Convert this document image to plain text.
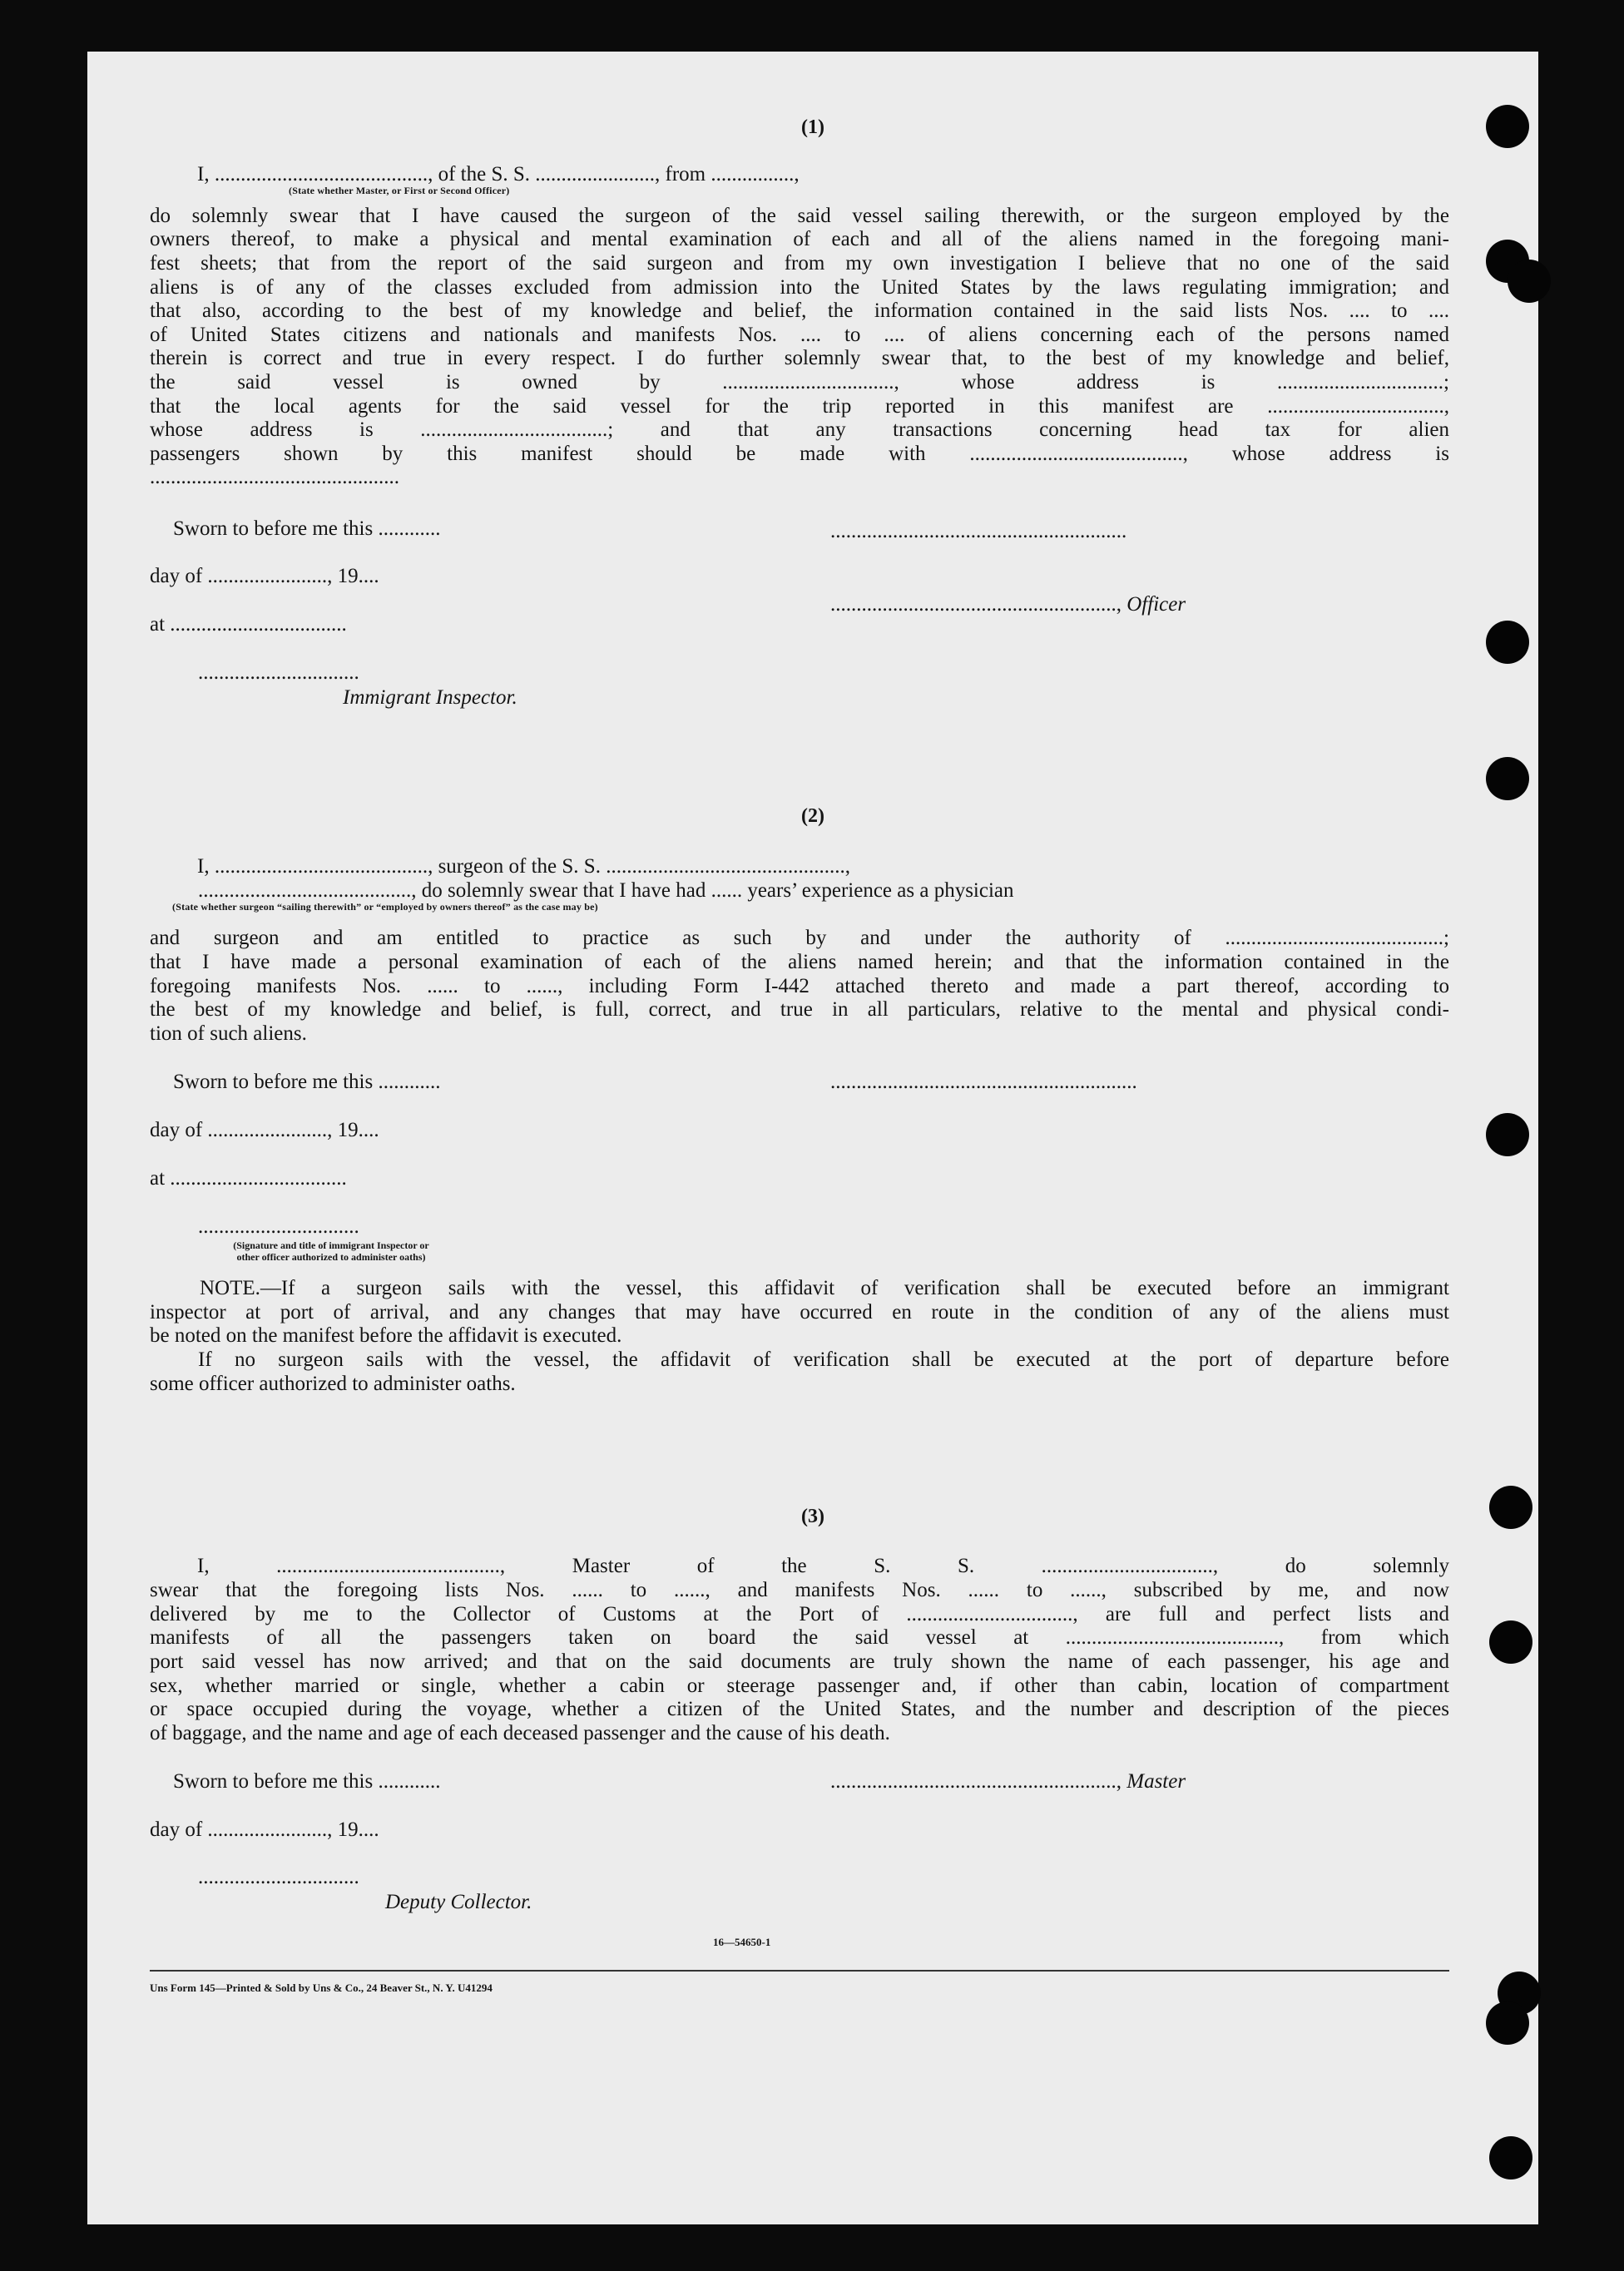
(1)
I, ........................................., of the S. S. ......................., from ................,
(State whether Master, or First or Second Officer)
do solemnly swear that I have caused the surgeon of the said vessel sailing therewith, or the surgeon employed by the
owners thereof, to make a physical and mental examination of each and all of the aliens named in the foregoing mani-
fest sheets; that from the report of the said surgeon and from my own investigation I believe that no one of the said
aliens is of any of the classes excluded from admission into the United States by the laws regulating immigration; and
that also, according to the best of my knowledge and belief, the information contained in the said lists Nos. .... to ....
of United States citizens and nationals and manifests Nos. .... to .... of aliens concerning each of the persons named
therein is correct and true in every respect. I do further solemnly swear that, to the best of my knowledge and belief,
the said vessel is owned by ................................., whose address is ................................;
that the local agents for the said vessel for the trip reported in this manifest are ..................................,
whose address is ....................................; and that any transactions concerning head tax for alien
passengers shown by this manifest should be made with ........................................., whose address is
................................................
Sworn to before me this ............
day of ......................., 19....
at ..................................
...............................
Immigrant Inspector.
.........................................................
......................................................., Officer
(2)
I, ........................................., surgeon of the S. S. ..............................................,
........................................., do solemnly swear that I have had ...... years’ experience as a physician
(State whether surgeon “sailing therewith” or “employed by owners thereof” as the case may be)
and surgeon and am entitled to practice as such by and under the authority of ..........................................;
that I have made a personal examination of each of the aliens named herein; and that the information contained in the
foregoing manifests Nos. ...... to ......, including Form I-442 attached thereto and made a part thereof, according to
the best of my knowledge and belief, is full, correct, and true in all particulars, relative to the mental and physical condi-
tion of such aliens.
Sworn to before me this ............	...........................................................
day of ......................., 19....
at ..................................
...............................
(Signature and title of immigrant Inspector or
other officer authorized to administer oaths)
NOTE.—If a surgeon sails with the vessel, this affidavit of verification shall be executed before an immigrant
inspector at port of arrival, and any changes that may have occurred en route in the condition of any of the aliens must
be noted on the manifest before the affidavit is executed.
If no surgeon sails with the vessel, the affidavit of verification shall be executed at the port of departure before
some officer authorized to administer oaths.
(3)
I, ..........................................., Master of the S. S. ................................., do solemnly
swear that the foregoing lists Nos. ...... to ......, and manifests Nos. ...... to ......, subscribed by me, and now
delivered by me to the Collector of Customs at the Port of ................................, are full and perfect lists and
manifests of all the passengers taken on board the said vessel at ........................................., from which
port said vessel has now arrived; and that on the said documents are truly shown the name of each passenger, his age and
sex, whether married or single, whether a cabin or steerage passenger and, if other than cabin, location of compartment
or space occupied during the voyage, whether a citizen of the United States, and the number and description of the pieces
of baggage, and the name and age of each deceased passenger and the cause of his death.
Sworn to before me this ............	......................................................., Master
day of ......................., 19....
...............................
Deputy Collector.
16—54650-1
Uns Form 145—Printed & Sold by Uns & Co., 24 Beaver St., N. Y. U41294
